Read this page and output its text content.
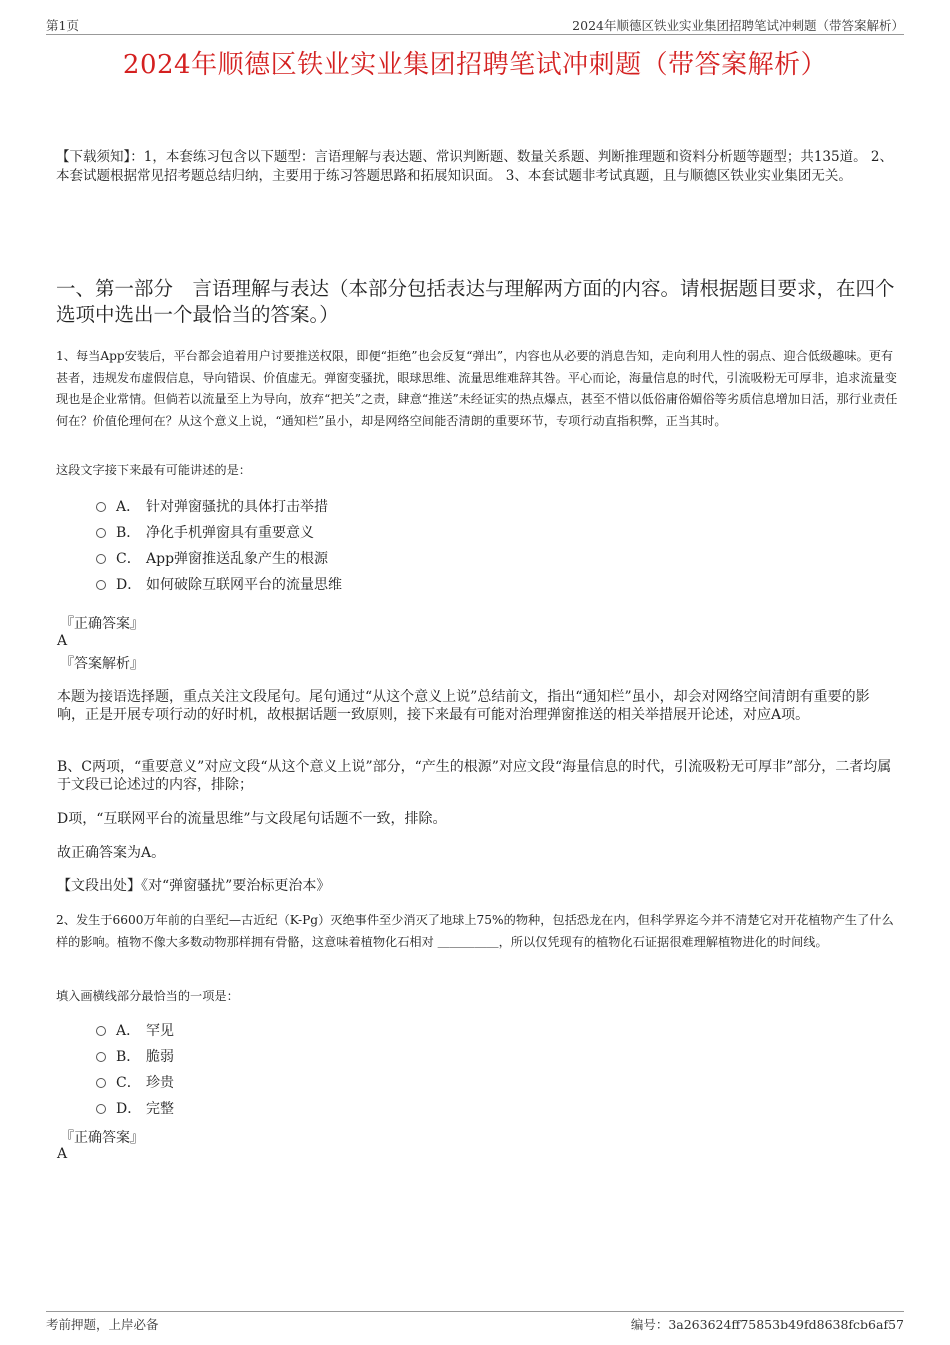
第1页	2024年顺德区铁业实业集团招聘笔试冲刺题（带答案解析）
2024年顺德区铁业实业集团招聘笔试冲刺题（带答案解析）
【下载须知】：1，本套练习包含以下题型：言语理解与表达题、常识判断题、数量关系题、判断推理题和资料分析题等题型；共135道。 2、本套试题根据常见招考题总结归纳，主要用于练习答题思路和拓展知识面。 3、本套试题非考试真题，且与顺德区铁业实业集团无关。
一、第一部分　言语理解与表达（本部分包括表达与理解两方面的内容。请根据题目要求，在四个选项中选出一个最恰当的答案。）
1、每当App安装后，平台都会追着用户讨要推送权限，即便“拒绝”也会反复“弹出”，内容也从必要的消息告知，走向利用人性的弱点、迎合低级趣味。更有甚者，违规发布虚假信息，导向错误、价值虚无。弹窗变骚扰，眼球思维、流量思维难辞其咎。平心而论，海量信息的时代，引流吸粉无可厚非，追求流量变现也是企业常情。但倘若以流量至上为导向，放弃“把关”之责，肆意“推送”未经证实的热点爆点，甚至不惜以低俗庸俗媚俗等劣质信息增加日活，那行业责任何在？价值伦理何在？从这个意义上说，“通知栏”虽小，却是网络空间能否清朗的重要环节，专项行动直指积弊，正当其时。
这段文字接下来最有可能讲述的是：
A． 针对弹窗骚扰的具体打击举措
B． 净化手机弹窗具有重要意义
C． App弹窗推送乱象产生的根源
D． 如何破除互联网平台的流量思维
『正确答案』
A
『答案解析』
本题为接语选择题，重点关注文段尾句。尾句通过“从这个意义上说”总结前文，指出“通知栏”虽小，却会对网络空间清朗有重要的影响，正是开展专项行动的好时机，故根据话题一致原则，接下来最有可能对治理弹窗推送的相关举措展开论述，对应A项。
B、C两项，“重要意义”对应文段“从这个意义上说”部分，“产生的根源”对应文段“海量信息的时代，引流吸粉无可厚非”部分，二者均属于文段已论述过的内容，排除；
D项，“互联网平台的流量思维”与文段尾句话题不一致，排除。
故正确答案为A。
【文段出处】《对“弹窗骚扰”要治标更治本》
2、发生于6600万年前的白垩纪—古近纪（K-Pg）灭绝事件至少消灭了地球上75%的物种，包括恐龙在内，但科学界迄今并不清楚它对开花植物产生了什么样的影响。植物不像大多数动物那样拥有骨骼，这意味着植物化石相对 ＿＿＿＿＿，所以仅凭现有的植物化石证据很难理解植物进化的时间线。
填入画横线部分最恰当的一项是：
A． 罕见
B． 脆弱
C． 珍贵
D． 完整
『正确答案』
A
考前押题，上岸必备	编号：3a263624ff75853b49fd8638fcb6af57
